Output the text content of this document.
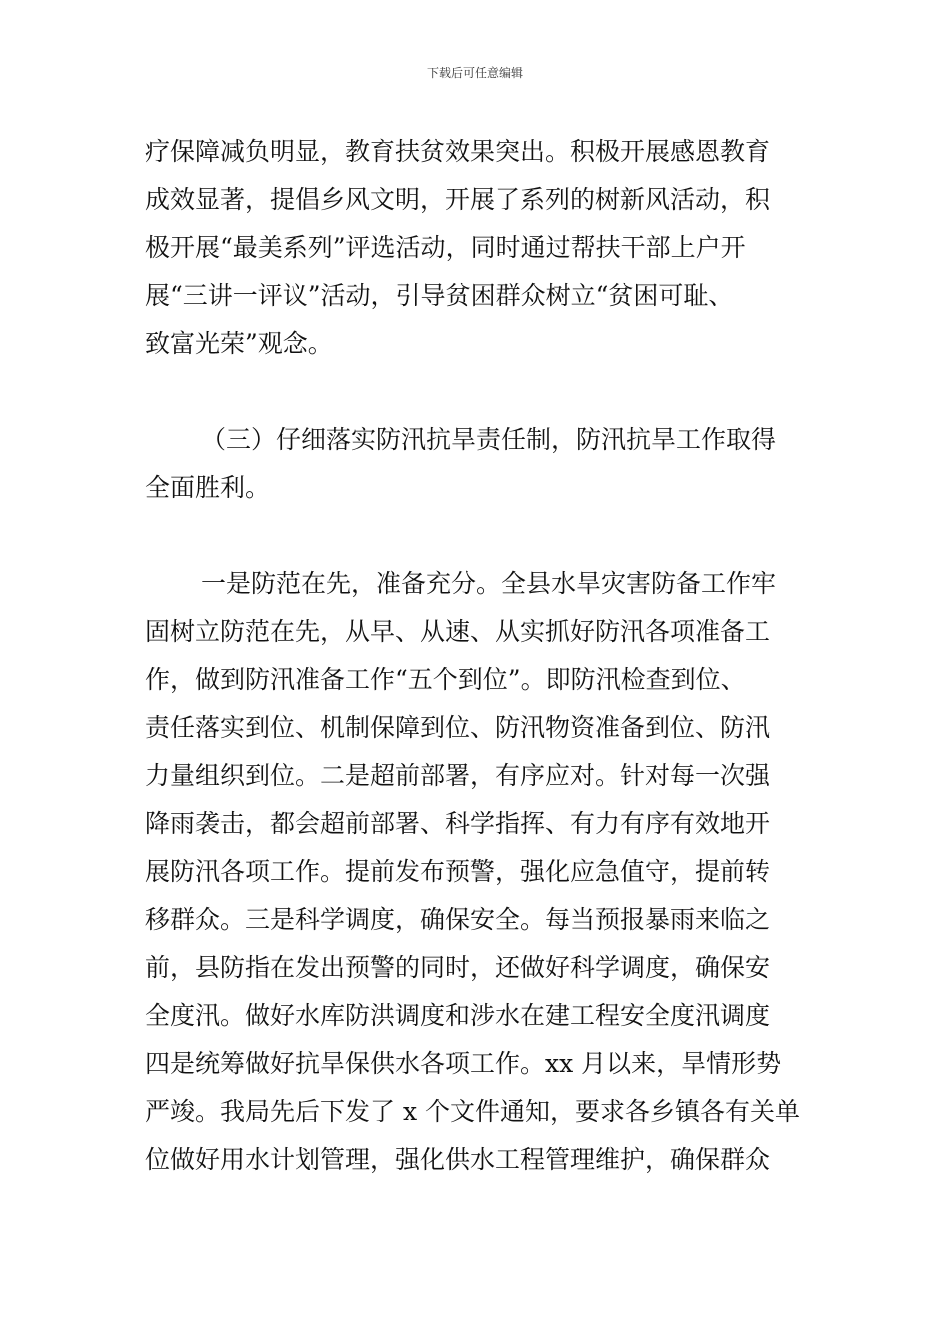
下载后可任意编辑
疗保障减负明显，教育扶贫效果突出。积极开展感恩教育
成效显著，提倡乡风文明，开展了系列的树新风活动，积
极开展“最美系列”评选活动，同时通过帮扶干部上户开
展“三讲一评议”活动，引导贫困群众树立“贫困可耻、
致富光荣”观念。
（三）仔细落实防汛抗旱责任制，防汛抗旱工作取得
全面胜利。
一是防范在先，准备充分。全县水旱灾害防备工作牢
固树立防范在先，从早、从速、从实抓好防汛各项准备工
作，做到防汛准备工作“五个到位”。即防汛检查到位、
责任落实到位、机制保障到位、防汛物资准备到位、防汛
力量组织到位。二是超前部署，有序应对。针对每一次强
降雨袭击，都会超前部署、科学指挥、有力有序有效地开
展防汛各项工作。提前发布预警，强化应急值守，提前转
移群众。三是科学调度，确保安全。每当预报暴雨来临之
前，县防指在发出预警的同时，还做好科学调度，确保安
全度汛。做好水库防洪调度和涉水在建工程安全度汛调度
四是统筹做好抗旱保供水各项工作。xx 月以来，旱情形势
严竣。我局先后下发了 x 个文件通知，要求各乡镇各有关单
位做好用水计划管理，强化供水工程管理维护，确保群众
